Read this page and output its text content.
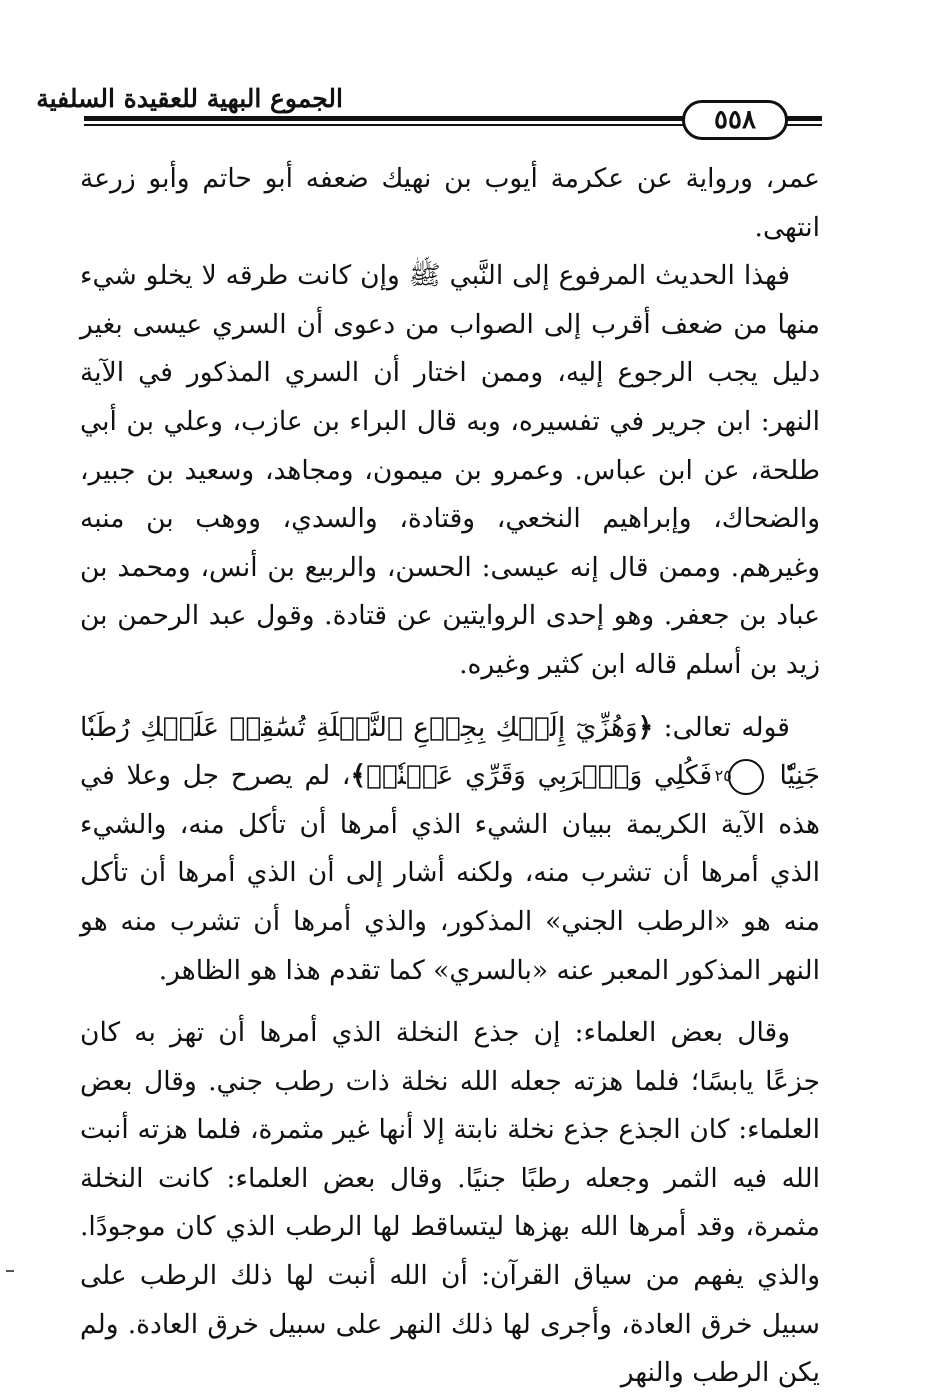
الجموع البهية للعقيدة السلفية
٥٥٨

عمر، ورواية عن عكرمة أيوب بن نهيك ضعفه أبو حاتم وأبو زرعة انتهى.

فهذا الحديث المرفوع إلى النَّبي ﷺ وإن كانت طرقه لا يخلو شيء منها من ضعف أقرب إلى الصواب من دعوى أن السري عيسى بغير دليل يجب الرجوع إليه، وممن اختار أن السري المذكور في الآية النهر: ابن جرير في تفسيره، وبه قال البراء بن عازب، وعلي بن أبي طلحة، عن ابن عباس. وعمرو بن ميمون، ومجاهد، وسعيد بن جبير، والضحاك، وإبراهيم النخعي، وقتادة، والسدي، ووهب بن منبه وغيرهم. وممن قال إنه عيسى: الحسن، والربيع بن أنس، ومحمد بن عباد بن جعفر. وهو إحدى الروايتين عن قتادة. وقول عبد الرحمن بن زيد بن أسلم قاله ابن كثير وغيره.

قوله تعالى: ﴿وَهُزِّيٓ إِلَيۡكِ بِجِذۡعِ ٱلنَّخۡلَةِ تُسَٰقِطۡ عَلَيۡكِ رُطَبٗا جَنِيّٗا ٢٥ فَكُلِي وَٱشۡرَبِي وَقَرِّي عَيۡنٗاۖ﴾، لم يصرح جل وعلا في هذه الآية الكريمة ببيان الشيء الذي أمرها أن تأكل منه، والشيء الذي أمرها أن تشرب منه، ولكنه أشار إلى أن الذي أمرها أن تأكل منه هو «الرطب الجني» المذكور، والذي أمرها أن تشرب منه هو النهر المذكور المعبر عنه «بالسري» كما تقدم هذا هو الظاهر.

وقال بعض العلماء: إن جذع النخلة الذي أمرها أن تهز به كان جزعًا يابسًا؛ فلما هزته جعله الله نخلة ذات رطب جني. وقال بعض العلماء: كان الجذع جذع نخلة نابتة إلا أنها غير مثمرة، فلما هزته أنبت الله فيه الثمر وجعله رطبًا جنيًا. وقال بعض العلماء: كانت النخلة مثمرة، وقد أمرها الله بهزها ليتساقط لها الرطب الذي كان موجودًا. والذي يفهم من سياق القرآن: أن الله أنبت لها ذلك الرطب على سبيل خرق العادة، وأجرى لها ذلك النهر على سبيل خرق العادة. ولم يكن الرطب والنهر
